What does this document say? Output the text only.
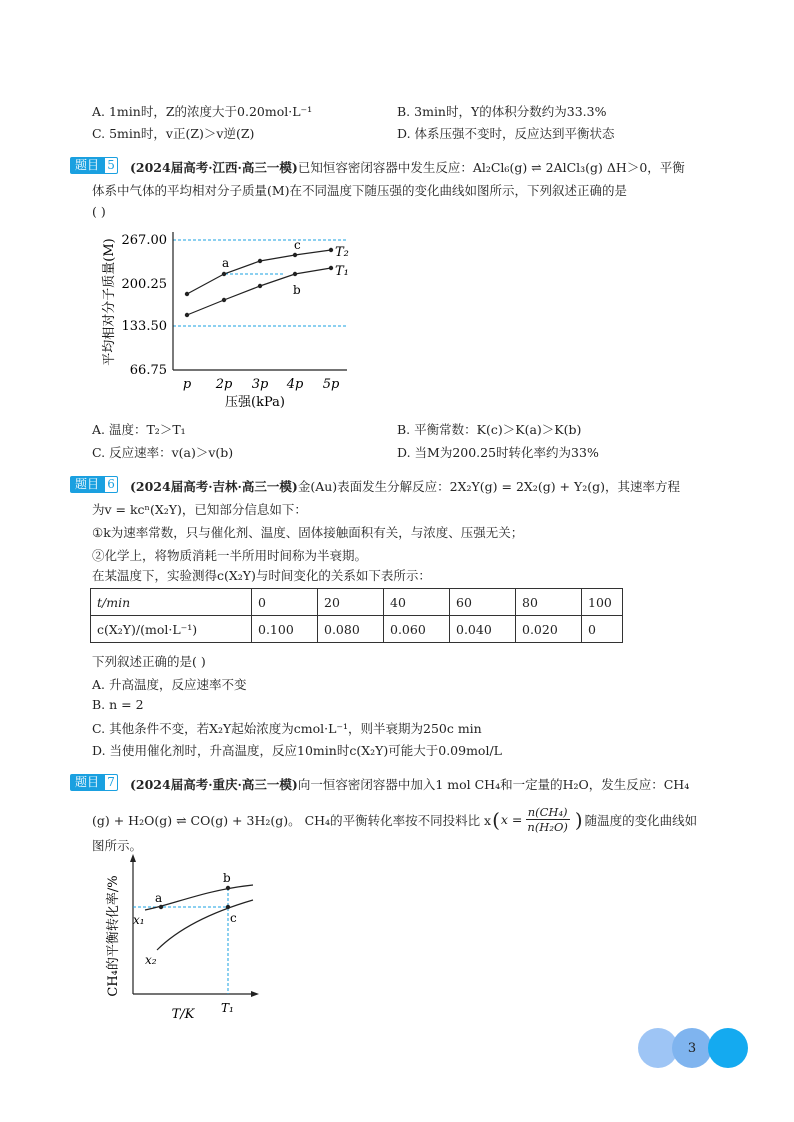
A. 1min时，Z的浓度大于0.20mol·L⁻¹	B. 3min时，Y的体积分数约为33.3%
C. 5min时，v正(Z)＞v逆(Z)	D. 体系压强不变时，反应达到平衡状态
题目 5 (2024届高考·江西·高三一模)已知恒容密闭容器中发生反应：Al₂Cl₆(g) ⇌ 2AlCl₃(g) ΔH＞0，平衡
体系中气体的平均相对分子质量(M)在不同温度下随压强的变化曲线如图所示，下列叙述正确的是
( )
267.00
200.25
133.50
66.75
p 2p 3p 4p 5p
a
b
c	T₂
T₁
平均相对分子质量(M)
压强(kPa)
A. 温度：T₂＞T₁	B. 平衡常数：K(c)＞K(a)＞K(b)
C. 反应速率：v(a)＞v(b)	D. 当M为200.25时转化率约为33%
题目 6 (2024届高考·吉林·高三一模)金(Au)表面发生分解反应：2X₂Y(g) = 2X₂(g) + Y₂(g)，其速率方程
为v = kcⁿ(X₂Y)，已知部分信息如下：
①k为速率常数，只与催化剂、温度、固体接触面积有关，与浓度、压强无关；
②化学上，将物质消耗一半所用时间称为半衰期。
在某温度下，实验测得c(X₂Y)与时间变化的关系如下表所示：
t/min	0	20	40	60	80	100
c(X₂Y)/(mol·L⁻¹)	0.100	0.080	0.060	0.040	0.020	0
下列叙述正确的是( )
A. 升高温度，反应速率不变
B. n = 2
C. 其他条件不变，若X₂Y起始浓度为cmol·L⁻¹，则半衰期为250c min
D. 当使用催化剂时，升高温度，反应10min时c(X₂Y)可能大于0.09mol/L
题目 7 (2024届高考·重庆·高三一模)向一恒容密闭容器中加入1 mol CH₄和一定量的H₂O，发生反应：CH₄
(g) + H₂O(g) ⇌ CO(g) + 3H₂(g)。 CH₄的平衡转化率按不同投料比 x ( $x = \frac{\text{n(CH₄)}}{\text{n(H₂O)}}$ ) 随温度的变化曲线如
图所示。
a
b
c
x₁
x₂
T₁
T/K
CH₄的平衡转化率/%
3
